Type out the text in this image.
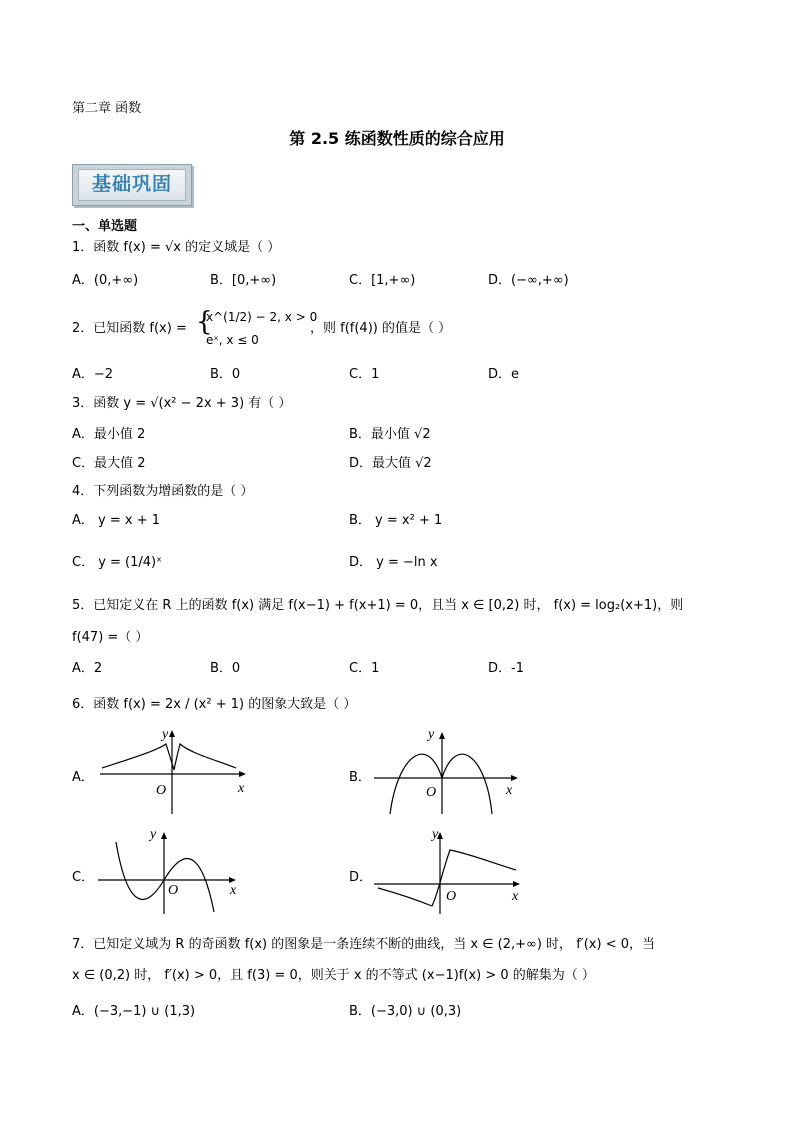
第二章 函数
第 2.5 练函数性质的综合应用
基础巩固
一、单选题
1．函数 f(x) = √x 的定义域是（ ）
A．(0,+∞)	B．[0,+∞)	C．[1,+∞)	D．(−∞,+∞)
2．已知函数 f(x) = {
x^(1/2) − 2, x > 0
eˣ, x ≤ 0
，则 f(f(4)) 的值是（ ）
A．−2	B．0	C．1	D．e
3．函数 y = √(x² − 2x + 3) 有（ ）
A．最小值 2	B．最小值 √2
C．最大值 2	D．最大值 √2
4．下列函数为增函数的是（ ）
A． y = x + 1	B． y = x² + 1
C． y = (1/4)ˣ	D． y = −ln x
5．已知定义在 R 上的函数 f(x) 满足 f(x−1) + f(x+1) = 0，且当 x ∈ [0,2) 时， f(x) = log₂(x+1)，则
f(47) =（ ）
A．2	B．0	C．1	D．-1
6．函数 f(x) = 2x / (x² + 1) 的图象大致是（ ）
A．
y
x
O
B．
y
x
O
C．
y
x
O
D．
y
x
O
7．已知定义域为 R 的奇函数 f(x) 的图象是一条连续不断的曲线，当 x ∈ (2,+∞) 时， f′(x) < 0，当
x ∈ (0,2) 时， f′(x) > 0，且 f(3) = 0，则关于 x 的不等式 (x−1)f(x) > 0 的解集为（ ）
A．(−3,−1) ∪ (1,3)	B．(−3,0) ∪ (0,3)
